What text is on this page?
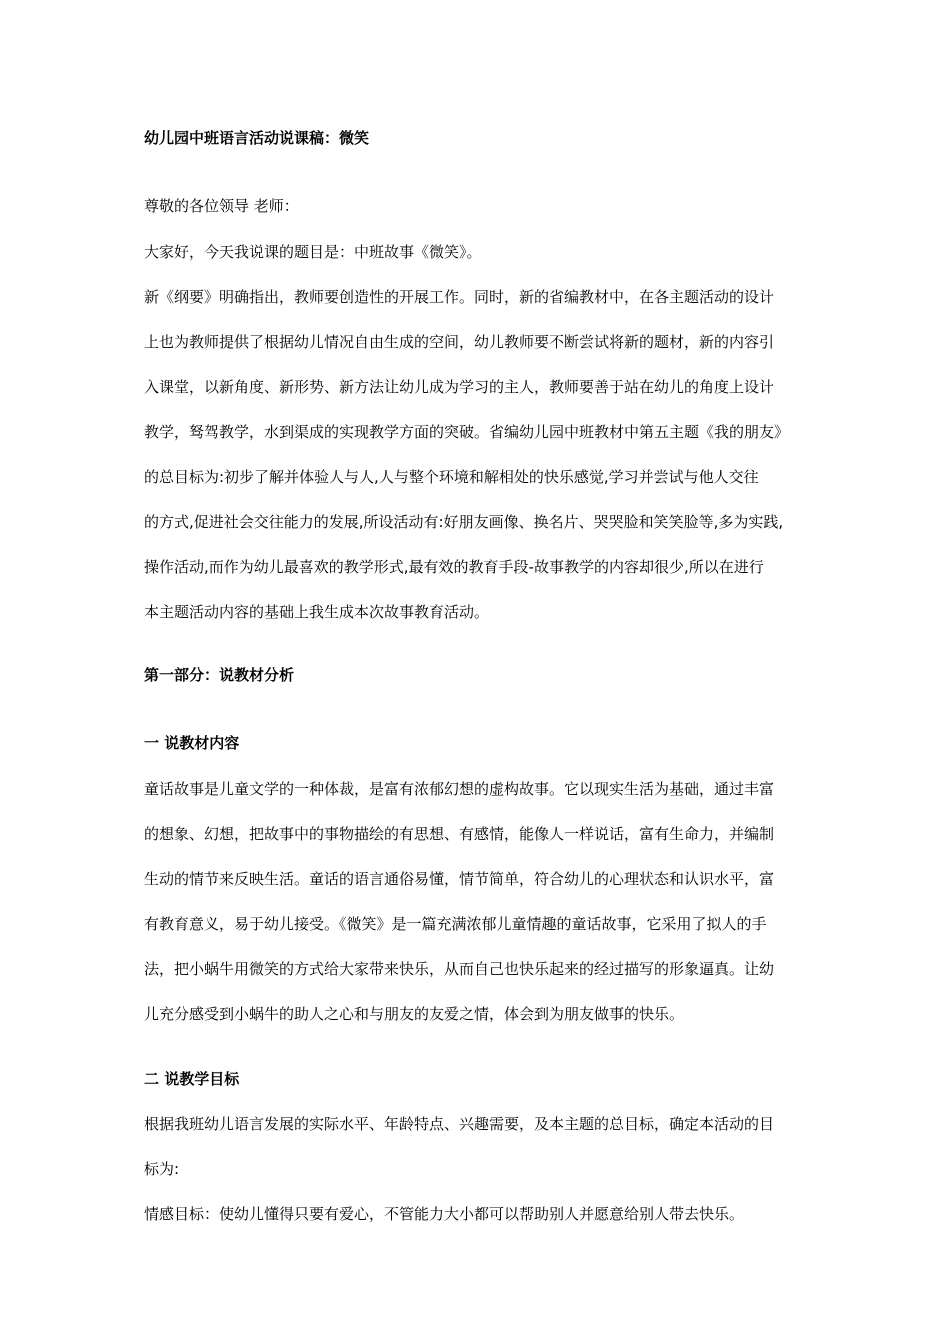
幼儿园中班语言活动说课稿：微笑
尊敬的各位领导 老师：
大家好，今天我说课的题目是：中班故事《微笑》。
新《纲要》明确指出，教师要创造性的开展工作。同时，新的省编教材中，在各主题活动的设计
上也为教师提供了根据幼儿情况自由生成的空间，幼儿教师要不断尝试将新的题材，新的内容引
入课堂，以新角度、新形势、新方法让幼儿成为学习的主人，教师要善于站在幼儿的角度上设计
教学，驽驾教学，水到渠成的实现教学方面的突破。省编幼儿园中班教材中第五主题《我的朋友》
的总目标为:初步了解并体验人与人,人与整个环境和解相处的快乐感觉,学习并尝试与他人交往
的方式,促进社会交往能力的发展,所设活动有:好朋友画像、换名片、哭哭脸和笑笑脸等,多为实践,
操作活动,而作为幼儿最喜欢的教学形式,最有效的教育手段-故事教学的内容却很少,所以在进行
本主题活动内容的基础上我生成本次故事教育活动。
第一部分：说教材分析
一 说教材内容
童话故事是儿童文学的一种体裁，是富有浓郁幻想的虚构故事。它以现实生活为基础，通过丰富
的想象、幻想，把故事中的事物描绘的有思想、有感情，能像人一样说话，富有生命力，并编制
生动的情节来反映生活。童话的语言通俗易懂，情节简单，符合幼儿的心理状态和认识水平，富
有教育意义，易于幼儿接受。《微笑》是一篇充满浓郁儿童情趣的童话故事，它采用了拟人的手
法，把小蜗牛用微笑的方式给大家带来快乐，从而自己也快乐起来的经过描写的形象逼真。让幼
儿充分感受到小蜗牛的助人之心和与朋友的友爱之情，体会到为朋友做事的快乐。
二 说教学目标
根据我班幼儿语言发展的实际水平、年龄特点、兴趣需要，及本主题的总目标，确定本活动的目
标为:
情感目标：使幼儿懂得只要有爱心，不管能力大小都可以帮助别人并愿意给别人带去快乐。
